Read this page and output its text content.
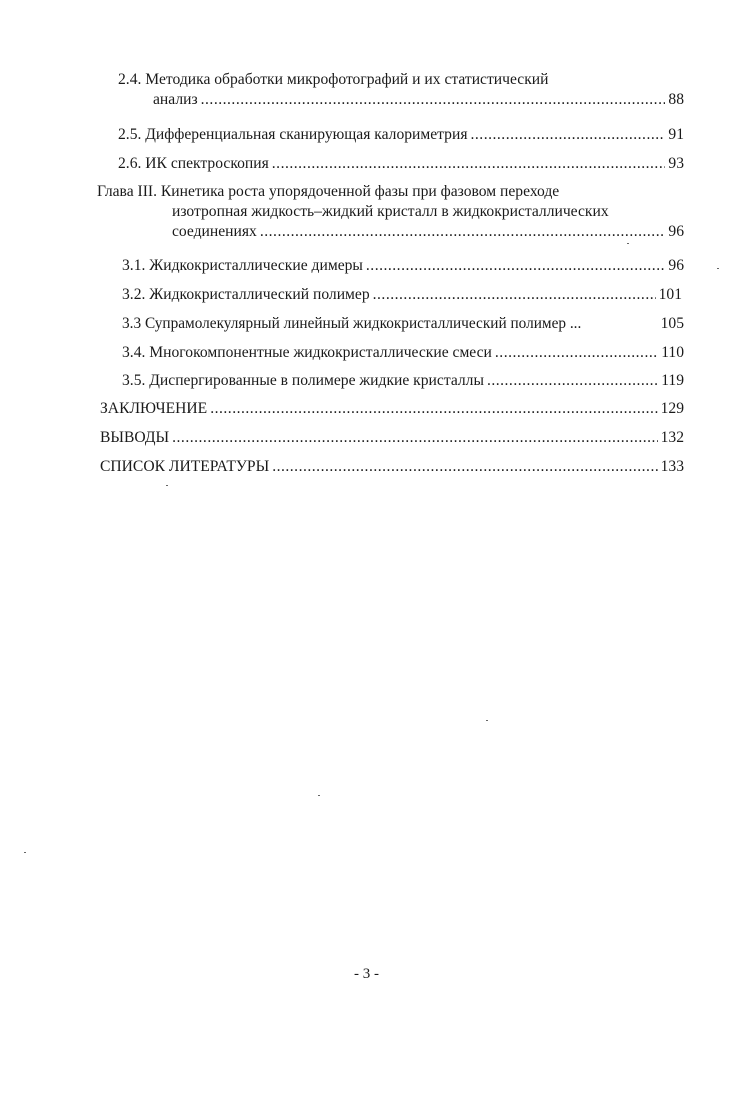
2.4. Методика обработки микрофотографий и их статистический
анализ .....	88
2.5. Дифференциальная сканирующая калориметрия .....	91
2.6. ИК спектроскопия .....	93
Глава III. Кинетика роста упорядоченной фазы при фазовом переходе
изотропная жидкость–жидкий кристалл в жидкокристаллических
соединениях .....	96
3.1. Жидкокристаллические димеры .....	96
3.2. Жидкокристаллический полимер .....	101
3.3 Супрамолекулярный линейный жидкокристаллический полимер ...	105
3.4. Многокомпонентные жидкокристаллические смеси .....	110
3.5. Диспергированные в полимере жидкие кристаллы .....	119
ЗАКЛЮЧЕНИЕ .....	129
ВЫВОДЫ .....	132
СПИСОК ЛИТЕРАТУРЫ .....	133
- 3 -
